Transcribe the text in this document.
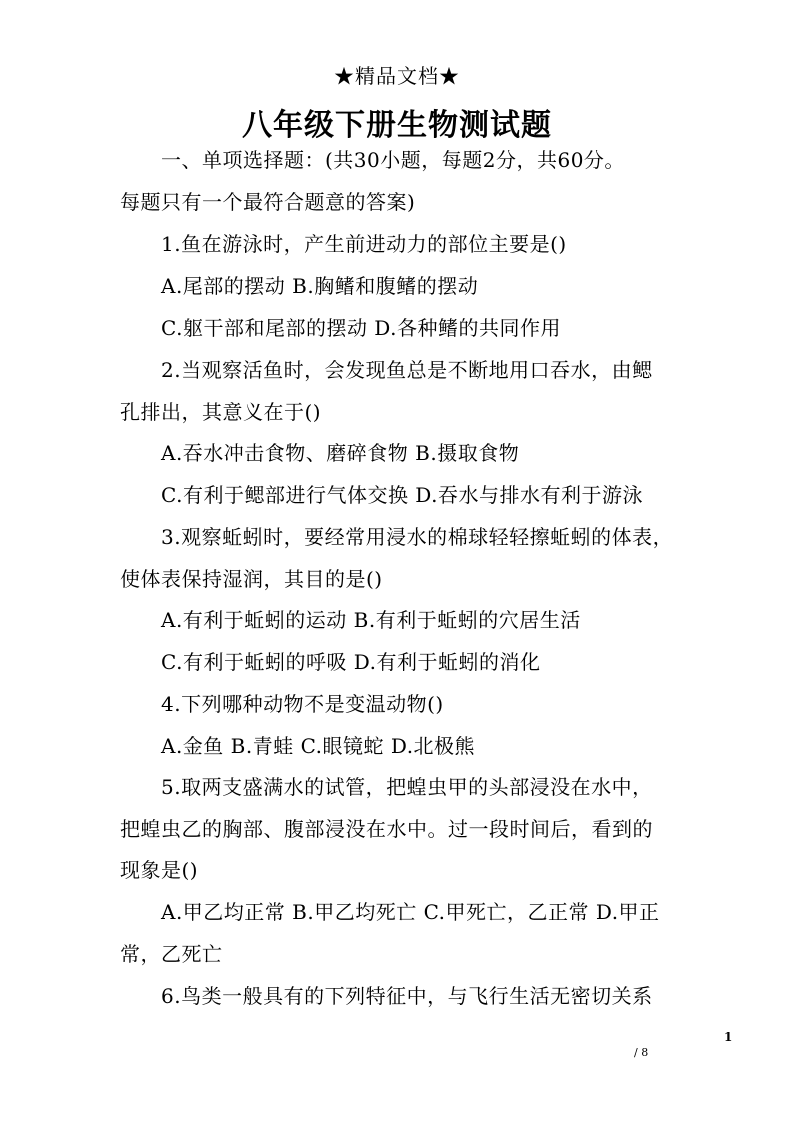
★精品文档★
八年级下册生物测试题
一、单项选择题：(共30小题，每题2分，共60分。
每题只有一个最符合题意的答案)
1.鱼在游泳时，产生前进动力的部位主要是()
A.尾部的摆动 B.胸鳍和腹鳍的摆动
C.躯干部和尾部的摆动 D.各种鳍的共同作用
2.当观察活鱼时，会发现鱼总是不断地用口吞水，由鳃
孔排出，其意义在于()
A.吞水冲击食物、磨碎食物 B.摄取食物
C.有利于鳃部进行气体交换 D.吞水与排水有利于游泳
3.观察蚯蚓时，要经常用浸水的棉球轻轻擦蚯蚓的体表，
使体表保持湿润，其目的是()
A.有利于蚯蚓的运动 B.有利于蚯蚓的穴居生活
C.有利于蚯蚓的呼吸 D.有利于蚯蚓的消化
4.下列哪种动物不是变温动物()
A.金鱼 B.青蛙 C.眼镜蛇 D.北极熊
5.取两支盛满水的试管，把蝗虫甲的头部浸没在水中，
把蝗虫乙的胸部、腹部浸没在水中。过一段时间后，看到的
现象是()
A.甲乙均正常 B.甲乙均死亡 C.甲死亡，乙正常 D.甲正
常，乙死亡
6.鸟类一般具有的下列特征中，与飞行生活无密切关系
1
/ 8
